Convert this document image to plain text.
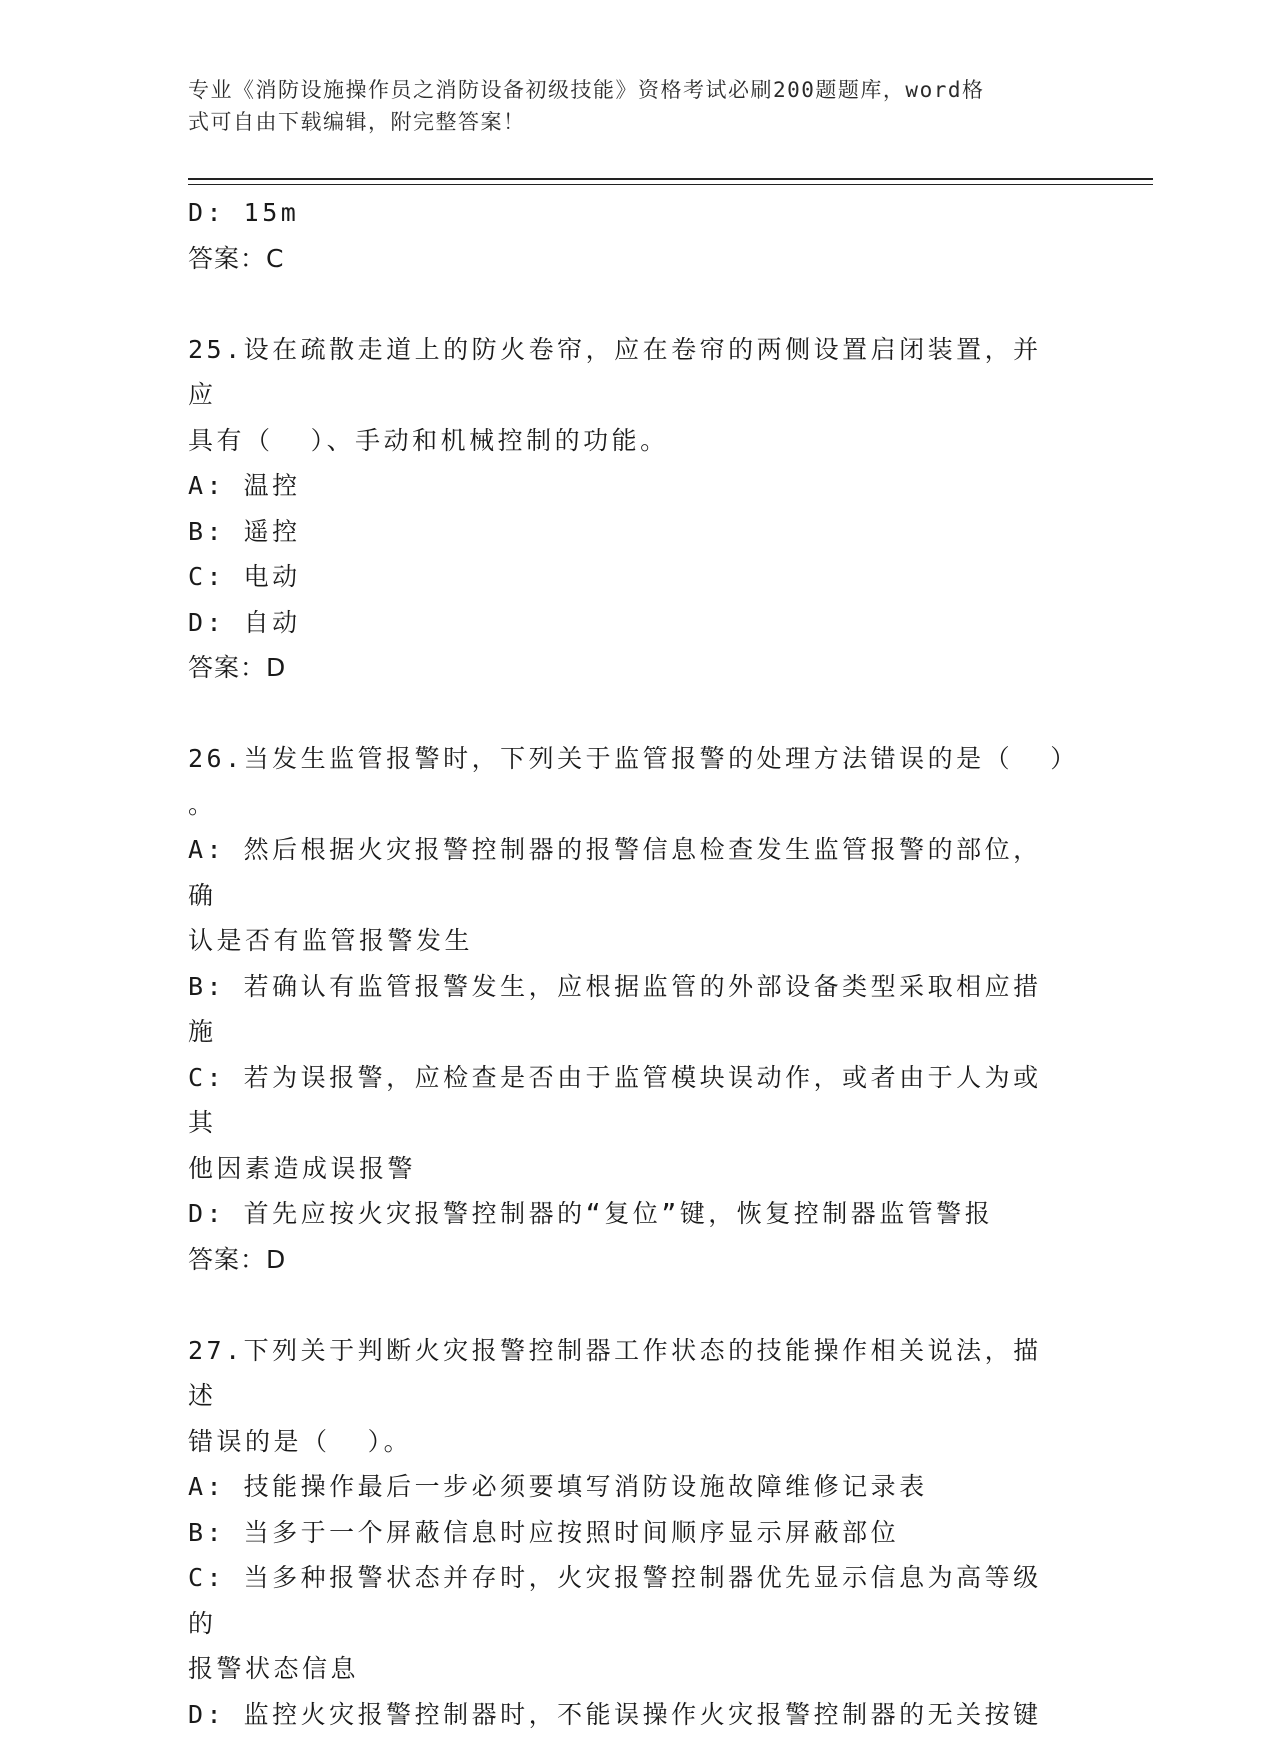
专业《消防设施操作员之消防设备初级技能》资格考试必刷200题题库，word格
式可自由下载编辑，附完整答案！
D: 15m
答案：C
25.设在疏散走道上的防火卷帘，应在卷帘的两侧设置启闭装置，并应
具有（  ）、手动和机械控制的功能。
A: 温控
B: 遥控
C: 电动
D: 自动
答案：D
26.当发生监管报警时，下列关于监管报警的处理方法错误的是（  ）
。
A: 然后根据火灾报警控制器的报警信息检查发生监管报警的部位，确
认是否有监管报警发生
B: 若确认有监管报警发生，应根据监管的外部设备类型采取相应措施
C: 若为误报警，应检查是否由于监管模块误动作，或者由于人为或其
他因素造成误报警
D: 首先应按火灾报警控制器的“复位”键，恢复控制器监管警报
答案：D
27.下列关于判断火灾报警控制器工作状态的技能操作相关说法，描述
错误的是（  ）。
A: 技能操作最后一步必须要填写消防设施故障维修记录表
B: 当多于一个屏蔽信息时应按照时间顺序显示屏蔽部位
C: 当多种报警状态并存时，火灾报警控制器优先显示信息为高等级的
报警状态信息
D: 监控火灾报警控制器时，不能误操作火灾报警控制器的无关按键
